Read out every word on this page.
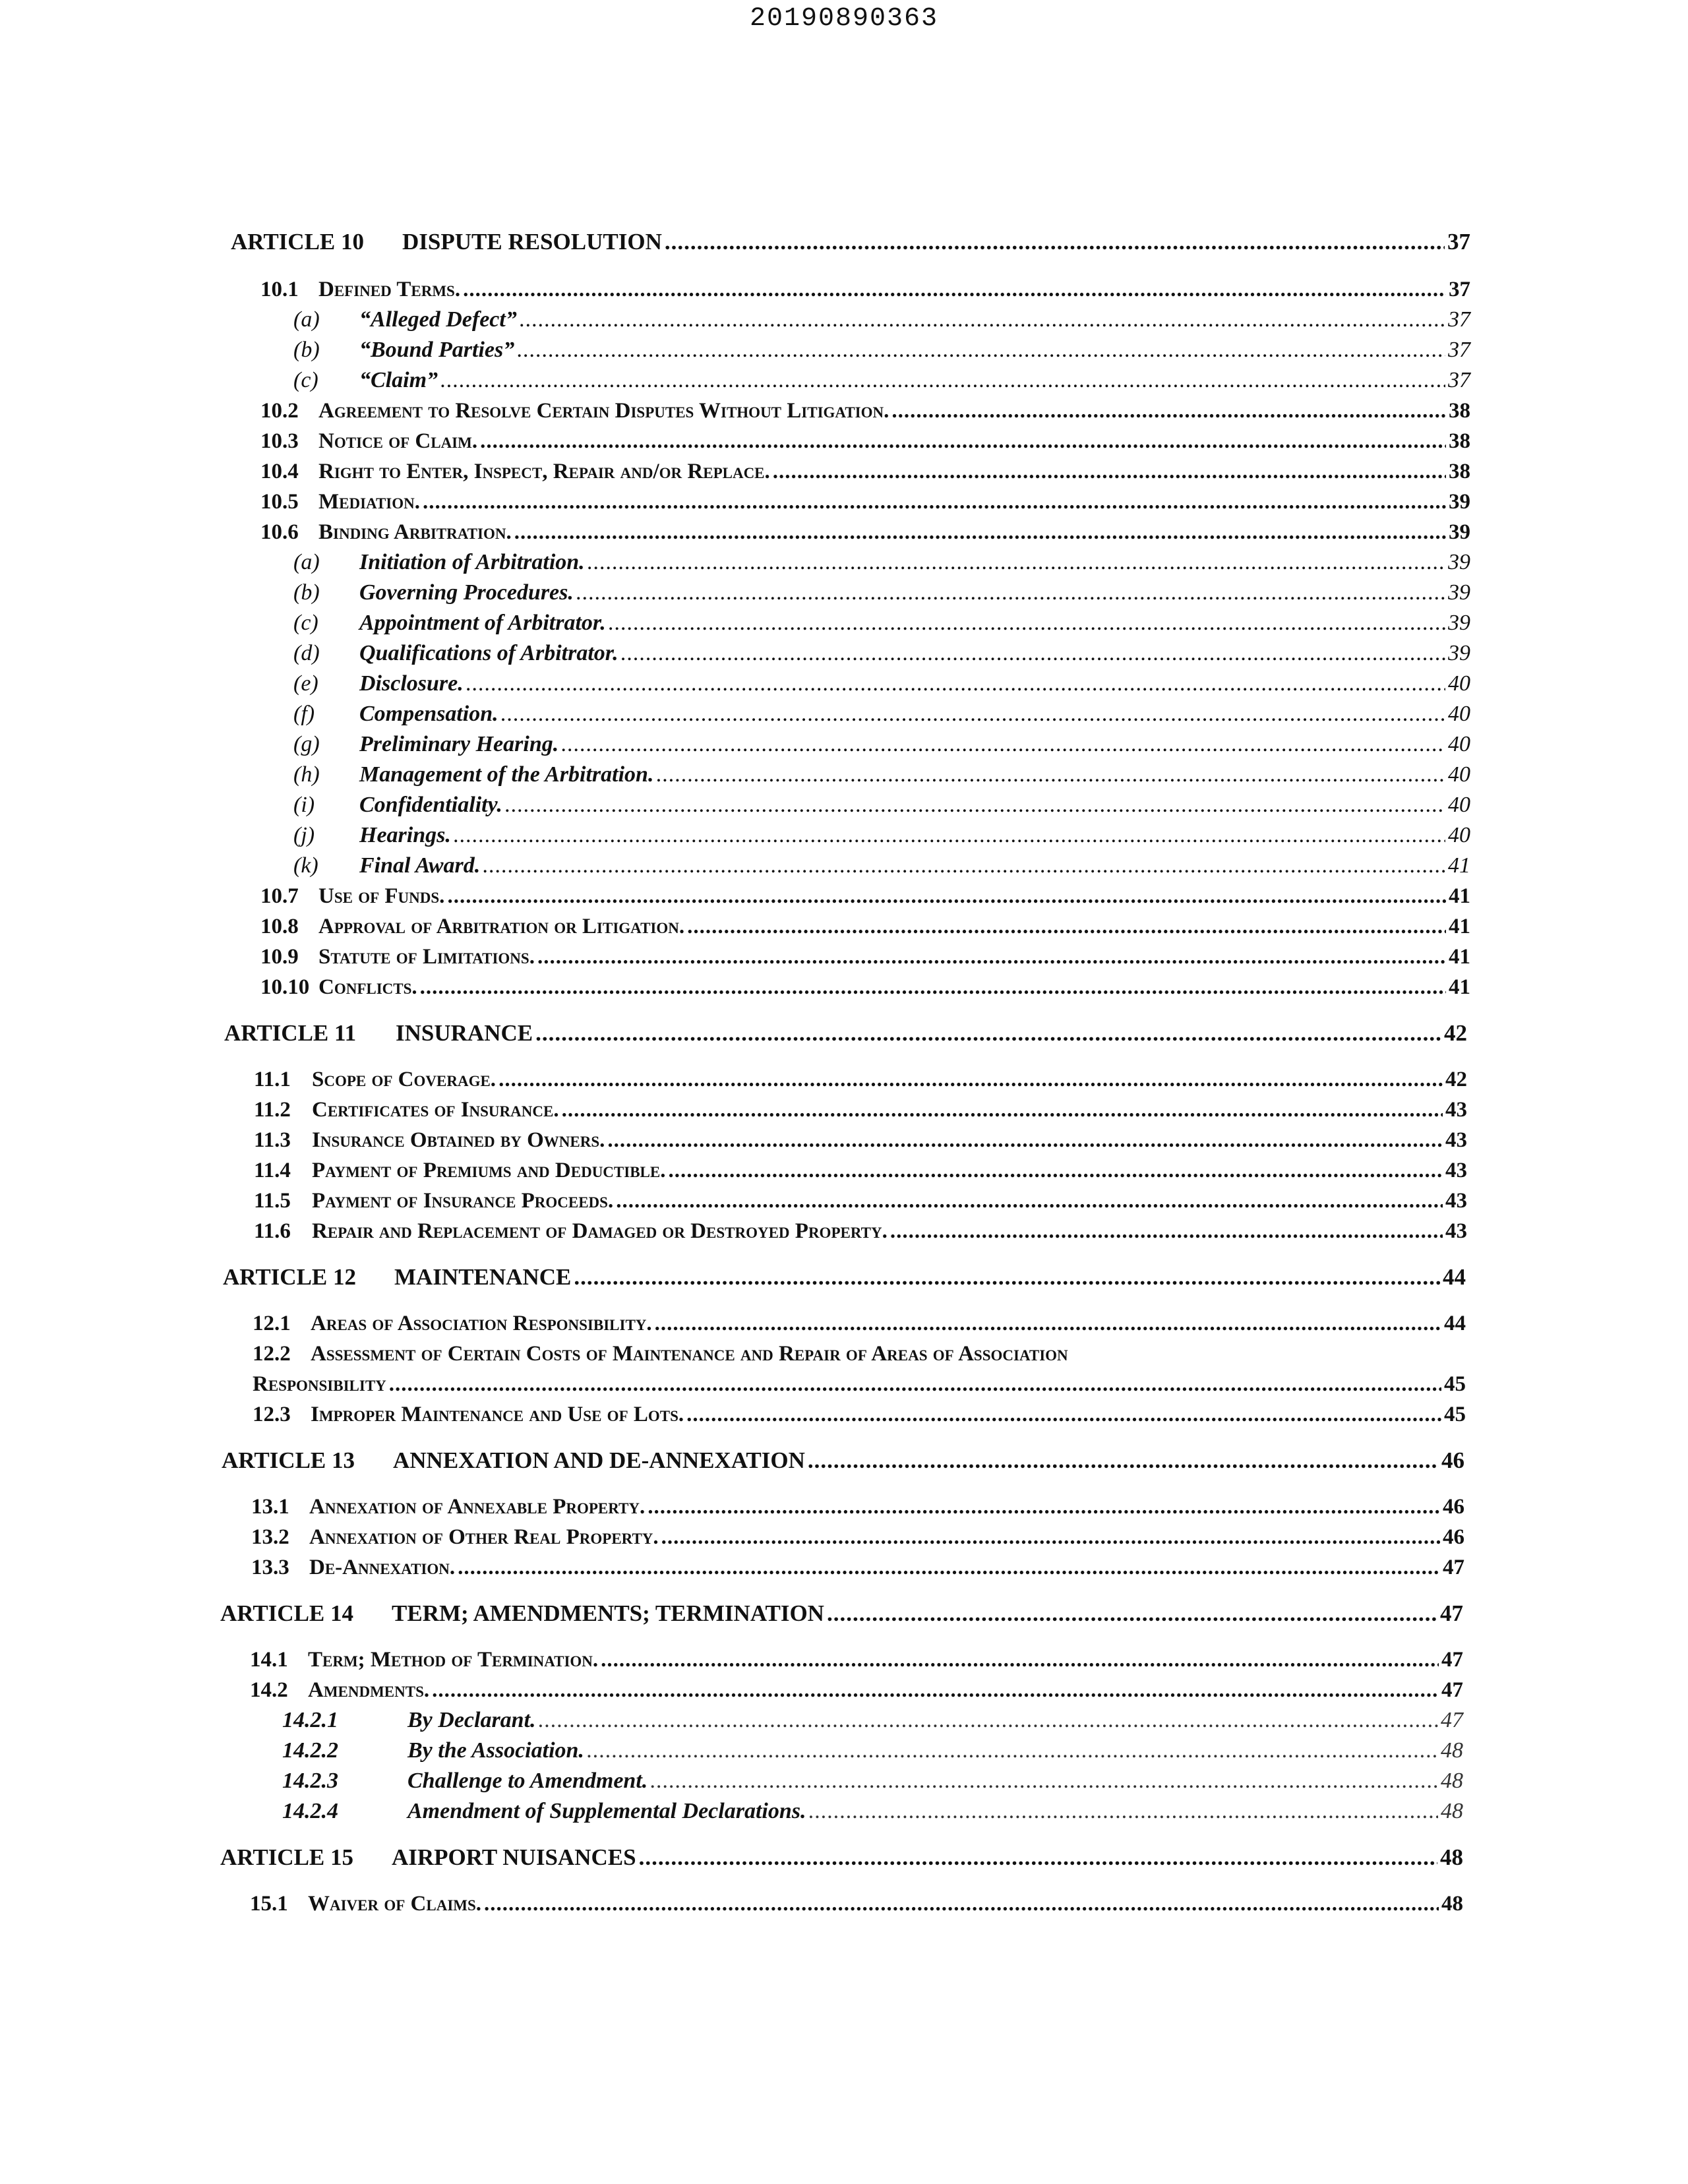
20190890363
ARTICLE 10	DISPUTE RESOLUTION .....	37
10.1 Defined Terms. .....	37
(a)	“Alleged Defect” .....	37
(b)	“Bound Parties” .....	37
(c)	“Claim” .....	37
10.2 Agreement to Resolve Certain Disputes Without Litigation. .....	38
10.3 Notice of Claim. .....	38
10.4 Right to Enter, Inspect, Repair and/or Replace. .....	38
10.5 Mediation. .....	39
10.6 Binding Arbitration. .....	39
(a)	Initiation of Arbitration. .....	39
(b)	Governing Procedures. .....	39
(c)	Appointment of Arbitrator. .....	39
(d)	Qualifications of Arbitrator. .....	39
(e)	Disclosure. .....	40
(f)	Compensation. .....	40
(g)	Preliminary Hearing. .....	40
(h)	Management of the Arbitration. .....	40
(i)	Confidentiality. .....	40
(j)	Hearings. .....	40
(k)	Final Award. .....	41
10.7 Use of Funds. .....	41
10.8 Approval of Arbitration or Litigation. .....	41
10.9 Statute of Limitations. .....	41
10.10 Conflicts. .....	41
ARTICLE 11	INSURANCE .....	42
11.1 Scope of Coverage. .....	42
11.2 Certificates of Insurance. .....	43
11.3 Insurance Obtained by Owners. .....	43
11.4 Payment of Premiums and Deductible. .....	43
11.5 Payment of Insurance Proceeds. .....	43
11.6 Repair and Replacement of Damaged or Destroyed Property. .....	43
ARTICLE 12	MAINTENANCE .....	44
12.1 Areas of Association Responsibility. .....	44
12.2 Assessment of Certain Costs of Maintenance and Repair of Areas of Association
Responsibility .....	45
12.3 Improper Maintenance and Use of Lots. .....	45
ARTICLE 13	ANNEXATION AND DE-ANNEXATION .....	46
13.1 Annexation of Annexable Property. .....	46
13.2 Annexation of Other Real Property. .....	46
13.3 De-Annexation. .....	47
ARTICLE 14	TERM; AMENDMENTS; TERMINATION .....	47
14.1 Term; Method of Termination. .....	47
14.2 Amendments. .....	47
14.2.1	By Declarant. .....	47
14.2.2	By the Association. .....	48
14.2.3	Challenge to Amendment. .....	48
14.2.4	Amendment of Supplemental Declarations. .....	48
ARTICLE 15	AIRPORT NUISANCES .....	48
15.1 Waiver of Claims. .....	48
